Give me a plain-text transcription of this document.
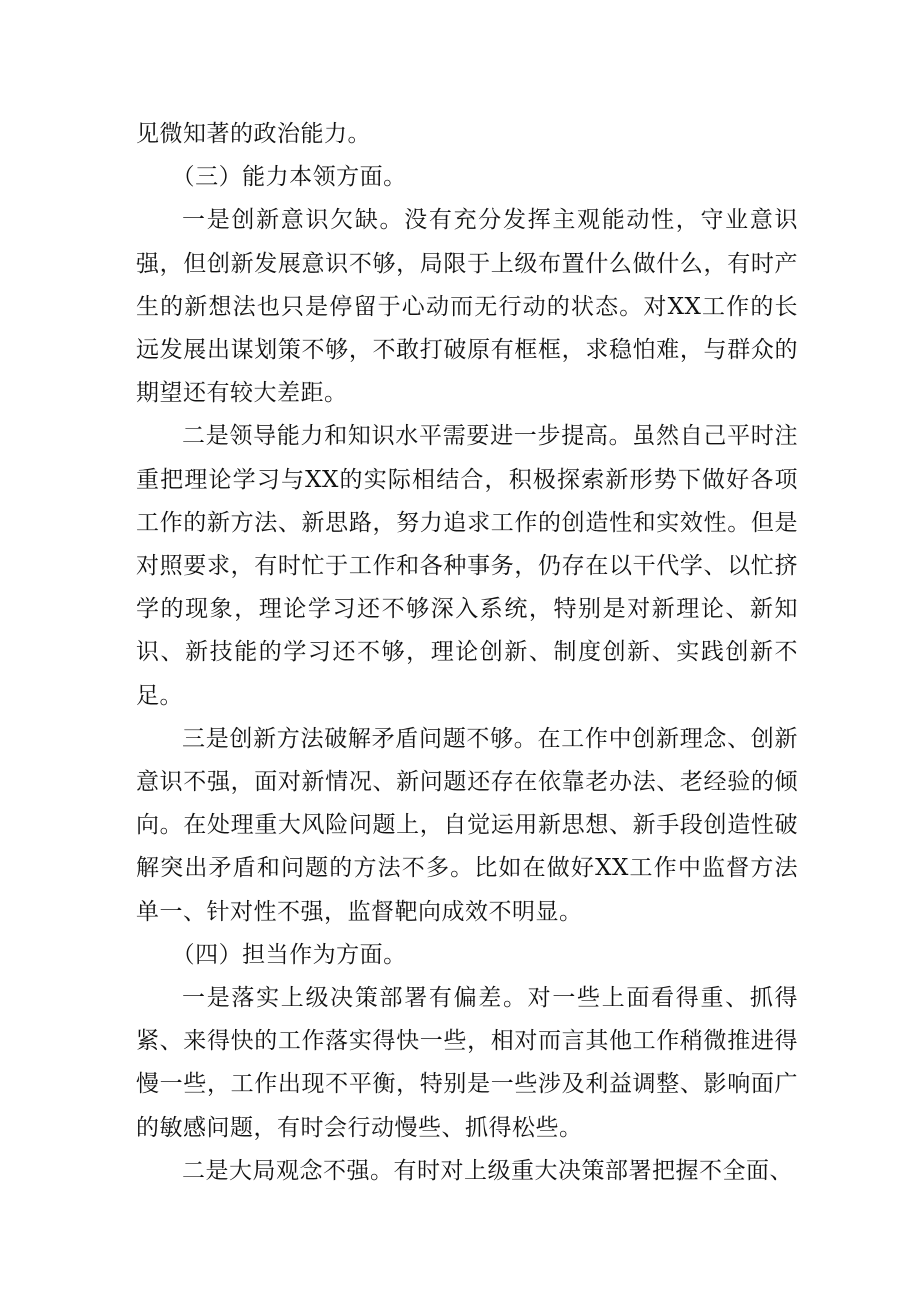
见微知著的政治能力。

（三）能力本领方面。

一是创新意识欠缺。没有充分发挥主观能动性，守业意识强，但创新发展意识不够，局限于上级布置什么做什么，有时产生的新想法也只是停留于心动而无行动的状态。对XX工作的长远发展出谋划策不够，不敢打破原有框框，求稳怕难，与群众的期望还有较大差距。

二是领导能力和知识水平需要进一步提高。虽然自己平时注重把理论学习与XX的实际相结合，积极探索新形势下做好各项工作的新方法、新思路，努力追求工作的创造性和实效性。但是对照要求，有时忙于工作和各种事务，仍存在以干代学、以忙挤学的现象，理论学习还不够深入系统，特别是对新理论、新知识、新技能的学习还不够，理论创新、制度创新、实践创新不足。

三是创新方法破解矛盾问题不够。在工作中创新理念、创新意识不强，面对新情况、新问题还存在依靠老办法、老经验的倾向。在处理重大风险问题上，自觉运用新思想、新手段创造性破解突出矛盾和问题的方法不多。比如在做好XX工作中监督方法单一、针对性不强，监督靶向成效不明显。

（四）担当作为方面。

一是落实上级决策部署有偏差。对一些上面看得重、抓得紧、来得快的工作落实得快一些，相对而言其他工作稍微推进得慢一些，工作出现不平衡，特别是一些涉及利益调整、影响面广的敏感问题，有时会行动慢些、抓得松些。

二是大局观念不强。有时对上级重大决策部署把握不全面、
